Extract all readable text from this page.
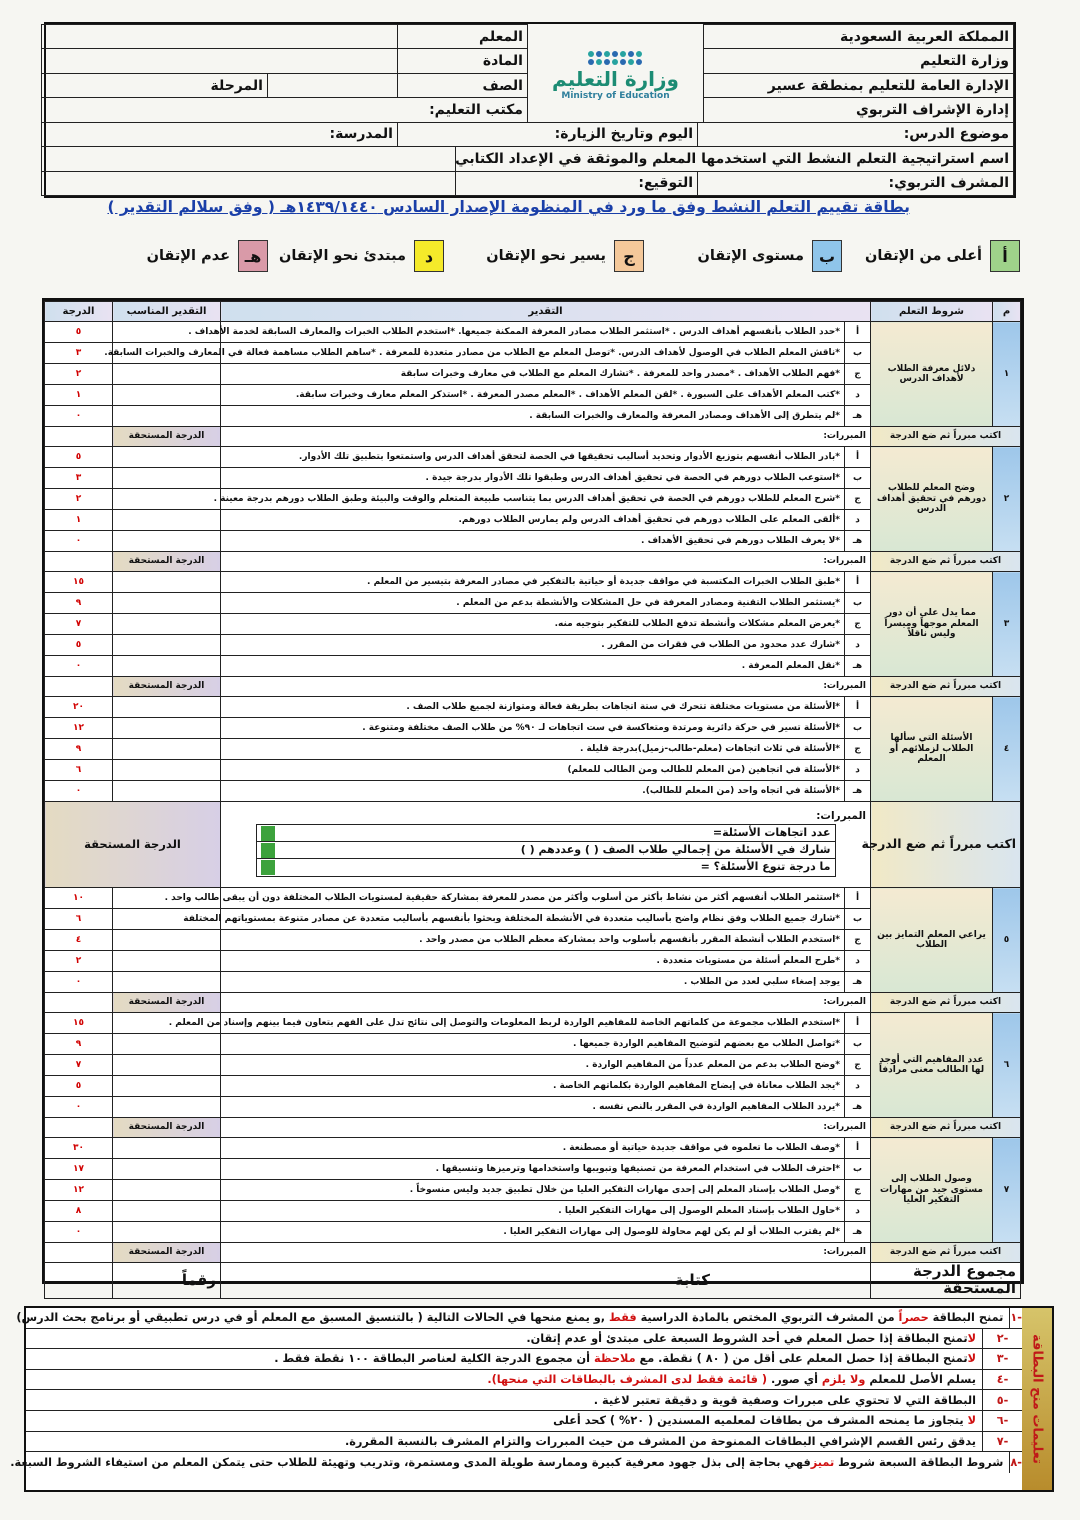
المملكة العربية السعودية	وزارة التعليم
Ministry of Education		المعلم			
وزارة التعليم			المادة			
الإدارة العامة للتعليم بمنطقة عسير			الصف			المرحلة
إدارة الإشراف التربوي			مكتب التعليم:			
موضوع الدرس:		اليوم وتاريخ الزيارة:			المدرسة:	
اسم استراتيجية التعلم النشط التي استخدمها المعلم والموثقة في الإعداد الكتابي						
المشرف التربوي:		التوقيع:				
بطاقة تقييم التعلم النشط وفق ما ورد في المنظومة الإصدار السادس ١٤٣٩/١٤٤٠هـ ( وفق سلالم التقدير )
أ
أعلى من الإتقان
ب
مستوى الإتقان
ج
يسير نحو الإتقان
د
مبتدئ نحو الإتقان
هـ
عدم الإتقان
م	شروط التعلم	التقدير		التقدير المناسب	الدرجة
١	دلائل معرفة الطلاب لأهداف الدرس	أ	*حدد الطلاب بأنفسهم أهداف الدرس . *استثمر الطلاب مصادر المعرفة الممكنة جميعها. *استخدم الطلاب الخبرات والمعارف السابقة لخدمة الأهداف .		٥
		ب	*ناقش المعلم الطلاب في الوصول لأهداف الدرس. *توصل المعلم مع الطلاب من مصادر متعددة للمعرفة . *ساهم الطلاب مساهمة فعالة في المعارف والخبرات السابقة.		٣
		ج	*فهم الطلاب الأهداف . *مصدر واحد للمعرفة . *تشارك المعلم مع الطلاب في معارف وخبرات سابقة		٢
		د	*كتب المعلم الأهداف على السبورة . *لقن المعلم الأهداف . *المعلم مصدر المعرفة . *استذكر المعلم معارف وخبرات سابقة.		١
		هـ	*لم يتطرق إلى الأهداف ومصادر المعرفة والمعارف والخبرات السابقة .		٠
اكتب مبرراً ثم ضع الدرجة		المبررات:		الدرجة المستحقة	
٢	وضح المعلم للطلاب دورهم في تحقيق أهداف الدرس	أ	*بادر الطلاب أنفسهم بتوزيع الأدوار وتحديد أساليب تحقيقها في الحصة لتحقق أهداف الدرس واستمتعوا بتطبيق تلك الأدوار.		٥
		ب	*استوعب الطلاب دورهم في الحصة في تحقيق أهداف الدرس وطبقوا تلك الأدوار بدرجة جيدة .		٣
		ج	*شرح المعلم للطلاب دورهم في الحصة في تحقيق أهداف الدرس بما يتناسب طبيعة المتعلم والوقت والبيئة وطبق الطلاب دورهم بدرجة معينة .		٢
		د	*ألقى المعلم على الطلاب دورهم في تحقيق أهداف الدرس ولم يمارس الطلاب دورهم.		١
		هـ	*لا يعرف الطلاب دورهم في تحقيق الأهداف .		٠
اكتب مبرراً ثم ضع الدرجة		المبررات:		الدرجة المستحقة	
٣	مما يدل على أن دور المعلم موجهاً وميسراً وليس ناقلاً	أ	*طبق الطلاب الخبرات المكتسبة في مواقف جديدة أو حياتية بالتفكير في مصادر المعرفة بتيسير من المعلم .		١٥
		ب	*يستثمر الطلاب التقنية ومصادر المعرفة في حل المشكلات والأنشطة بدعم من المعلم .		٩
		ج	*يعرض المعلم مشكلات وأنشطة تدفع الطلاب للتفكير بتوجيه منه.		٧
		د	*شارك عدد محدود من الطلاب في فقرات من المقرر .		٥
		هـ	*نقل المعلم المعرفة .		٠
اكتب مبرراً ثم ضع الدرجة		المبررات:		الدرجة المستحقة	
٤	الأسئلة التي سألها الطلاب لزملائهم أو المعلم	أ	*الأسئلة من مستويات مختلفة تتحرك في ستة اتجاهات بطريقة فعالة ومتوازنة لجميع طلاب الصف .		٢٠
		ب	*الأسئلة تسير في حركة دائرية ومرتدة ومتعاكسة في ست اتجاهات لـ ٩٠% من طلاب الصف مختلفة ومتنوعة .		١٢
		ج	*الأسئلة في ثلاث اتجاهات (معلم-طالب-زميل)بدرجة قليلة .		٩
		د	*الأسئلة في اتجاهين (من المعلم للطالب ومن الطالب للمعلم)		٦
		هـ	*الأسئلة في اتجاه واحد (من المعلم للطالب).		٠
اكتب مبرراً ثم ضع الدرجة		المبررات:
عدد اتجاهات الأسئلة=
شارك في الأسئلة من إجمالي طلاب الصف ( ) وعددهم ( )
ما درجة تنوع الأسئلة؟ =		الدرجة المستحقة	
٥	يراعي المعلم التمايز بين الطلاب	أ	*استثمر الطلاب أنفسهم أكثر من نشاط بأكثر من أسلوب وأكثر من مصدر للمعرفة بمشاركة حقيقية لمستويات الطلاب المختلفة دون أن يبقى طالب واحد .		١٠
		ب	*شارك جميع الطلاب وفق نظام واضح بأساليب متعددة في الأنشطة المختلفة وبحثوا بأنفسهم بأساليب متعددة عن مصادر متنوعة بمستوياتهم المختلفة		٦
		ج	*استخدم الطلاب أنشطة المقرر بأنفسهم بأسلوب واحد بمشاركة معظم الطلاب من مصدر واحد .		٤
		د	*طرح المعلم أسئلة من مستويات متعددة .		٢
		هـ	يوجد إصغاء سلبي لعدد من الطلاب .		٠
اكتب مبرراً ثم ضع الدرجة		المبررات:		الدرجة المستحقة	
٦	عدد المفاهيم التي أوجد لها الطالب معنى مرادفاً	أ	*استخدم الطلاب مجموعة من كلماتهم الخاصة للمفاهيم الواردة لربط المعلومات والتوصل إلى نتائج تدل على الفهم بتعاون فيما بينهم وإسناد من المعلم .		١٥
		ب	*تواصل الطلاب مع بعضهم لتوضيح المفاهيم الواردة جميعها .		٩
		ج	*وضح الطلاب بدعم من المعلم عدداً من المفاهيم الواردة .		٧
		د	*يجد الطلاب معاناة في إيضاح المفاهيم الواردة بكلماتهم الخاصة .		٥
		هـ	*يردد الطلاب المفاهيم الواردة في المقرر بالنص نفسه .		٠
اكتب مبرراً ثم ضع الدرجة		المبررات:		الدرجة المستحقة	
٧	وصول الطلاب إلى مستوى جيد من مهارات التفكير العليا	أ	*وصف الطلاب ما تعلموه في مواقف جديدة حياتية أو مصطنعة .		٣٠
		ب	*احترف الطلاب في استخدام المعرفة من تصنيفها وتبويبها واستخدامها وترميزها وتنسيقها .		١٧
		ج	*وصل الطلاب بإسناد المعلم إلى إحدى مهارات التفكير العليا من خلال تطبيق جديد وليس منسوخاً .		١٢
		د	*حاول الطلاب بإسناد المعلم الوصول إلى مهارات التفكير العليا .		٨
		هـ	*لم يقترب الطلاب أو لم يكن لهم محاولة للوصول إلى مهارات التفكير العليا .		٠
اكتب مبرراً ثم ضع الدرجة		المبررات:		الدرجة المستحقة	
مجموع الدرجة المستحقة		كتابة		رقماً	
تعليمات منح البطاقة
-١
تمنح البطاقة حصراً من المشرف التربوي المختص بالمادة الدراسية فقط ,و يمنع منحها في الحالات التالية ( بالتنسيق المسبق مع المعلم أو في درس تطبيقي أو برنامج بحث الدرس)
-٢
لاتمنح البطاقة إذا حصل المعلم في أحد الشروط السبعة على مبتدئ أو عدم إتقان.
-٣
لاتمنح البطاقة إذا حصل المعلم على أقل من ( ٨٠ ) نقطة. مع ملاحظة أن مجموع الدرجة الكلية لعناصر البطاقة ١٠٠ نقطة فقط .
-٤
يسلم الأصل للمعلم ولا يلزم أي صور. ( قائمة فقط لدى المشرف بالبطاقات التي منحها).
-٥
البطاقة التي لا تحتوي على مبررات وصفية قوية و دقيقة تعتبر لاغية .
-٦
لا يتجاوز ما يمنحه المشرف من بطاقات لمعلميه المسندين ( ٢٠% ) كحد أعلى
-٧
يدقق رئس القسم الإشرافي البطاقات الممنوحة من المشرف من حيث المبررات والتزام المشرف بالنسبة المقررة.
-٨
شروط البطاقة السبعة شروط تميزفهي بحاجة إلى بذل جهود معرفية كبيرة وممارسة طويلة المدى ومستمرة، وتدريب وتهيئة للطلاب حتى يتمكن المعلم من استيفاء الشروط السبعة.
